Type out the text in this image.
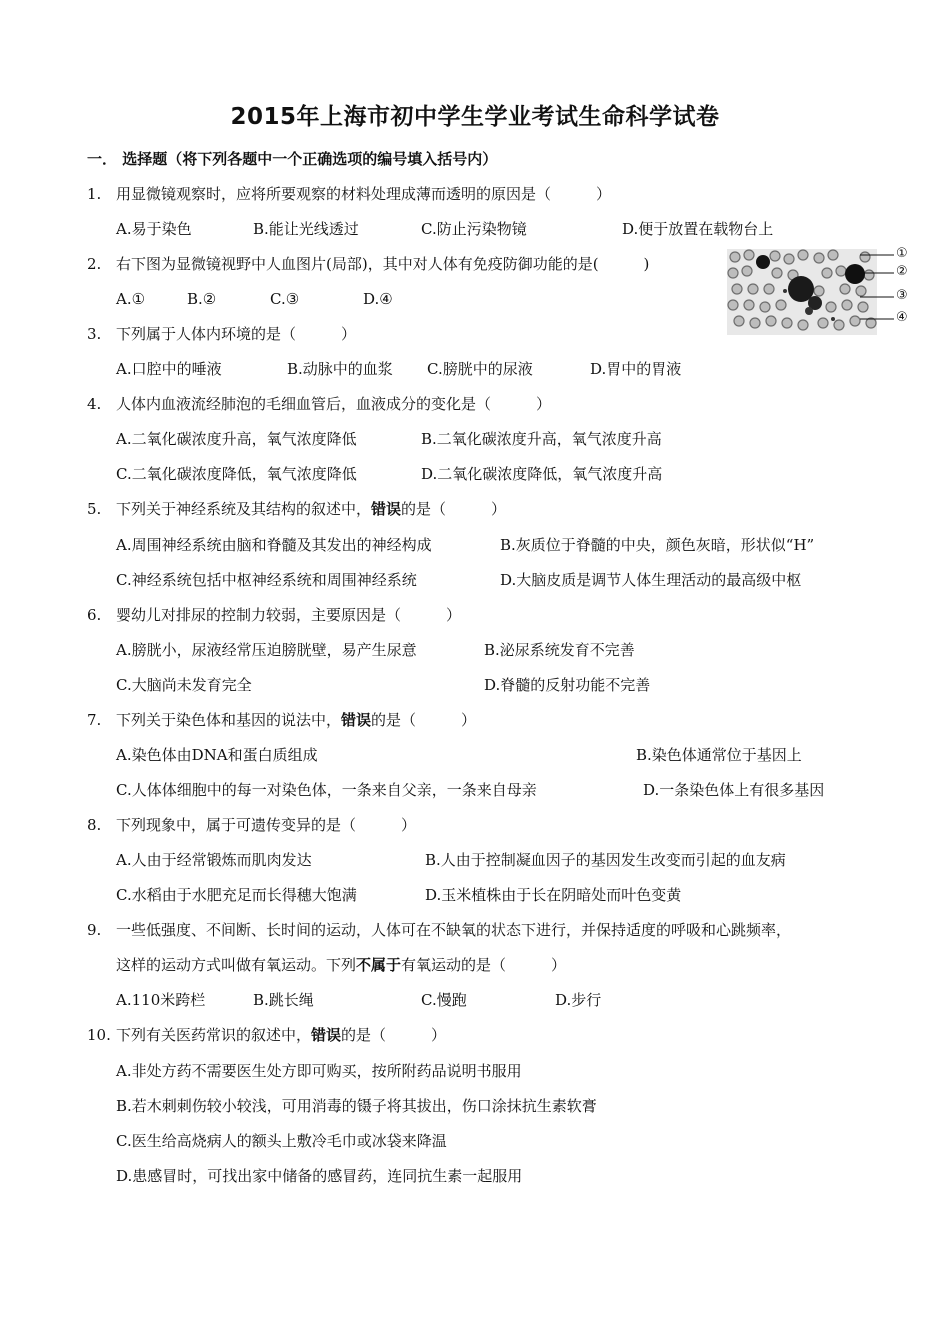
2015年上海市初中学生学业考试生命科学试卷
一． 选择题（将下列各题中一个正确选项的编号填入括号内）
1. 用显微镜观察时，应将所要观察的材料处理成薄而透明的原因是（　　　）
A.易于染色	B.能让光线透过	C.防止污染物镜	D.便于放置在载物台上
2. 右下图为显微镜视野中人血图片(局部)，其中对人体有免疫防御功能的是(　　　)
A.①	B.②	C.③	D.④
①
②
③
④
3. 下列属于人体内环境的是（　　　）
A.口腔中的唾液	B.动脉中的血浆 C.膀胱中的尿液	D.胃中的胃液
4. 人体内血液流经肺泡的毛细血管后，血液成分的变化是（　　　）
A.二氧化碳浓度升高，氧气浓度降低	B.二氧化碳浓度升高，氧气浓度升高
C.二氧化碳浓度降低，氧气浓度降低	D.二氧化碳浓度降低，氧气浓度升高
5. 下列关于神经系统及其结构的叙述中，错误的是（　　　）
A.周围神经系统由脑和脊髓及其发出的神经构成	B.灰质位于脊髓的中央，颜色灰暗，形状似“H”
C.神经系统包括中枢神经系统和周围神经系统	D.大脑皮质是调节人体生理活动的最高级中枢
6. 婴幼儿对排尿的控制力较弱，主要原因是（　　　）
A.膀胱小，尿液经常压迫膀胱壁，易产生尿意	B.泌尿系统发育不完善
C.大脑尚未发育完全	D.脊髓的反射功能不完善
7. 下列关于染色体和基因的说法中，错误的是（　　　）
A.染色体由DNA和蛋白质组成	B.染色体通常位于基因上
C.人体体细胞中的每一对染色体，一条来自父亲，一条来自母亲	D.一条染色体上有很多基因
8. 下列现象中，属于可遗传变异的是（　　　）
A.人由于经常锻炼而肌肉发达	B.人由于控制凝血因子的基因发生改变而引起的血友病
C.水稻由于水肥充足而长得穗大饱满	D.玉米植株由于长在阴暗处而叶色变黄
9. 一些低强度、不间断、长时间的运动，人体可在不缺氧的状态下进行，并保持适度的呼吸和心跳频率，
这样的运动方式叫做有氧运动。下列不属于有氧运动的是（　　　）
A.110米跨栏	B.跳长绳	C.慢跑	D.步行
10. 下列有关医药常识的叙述中，错误的是（　　　）
A.非处方药不需要医生处方即可购买，按所附药品说明书服用
B.若木刺刺伤较小较浅，可用消毒的镊子将其拔出，伤口涂抹抗生素软膏
C.医生给高烧病人的额头上敷冷毛巾或冰袋来降温
D.患感冒时，可找出家中储备的感冒药，连同抗生素一起服用
